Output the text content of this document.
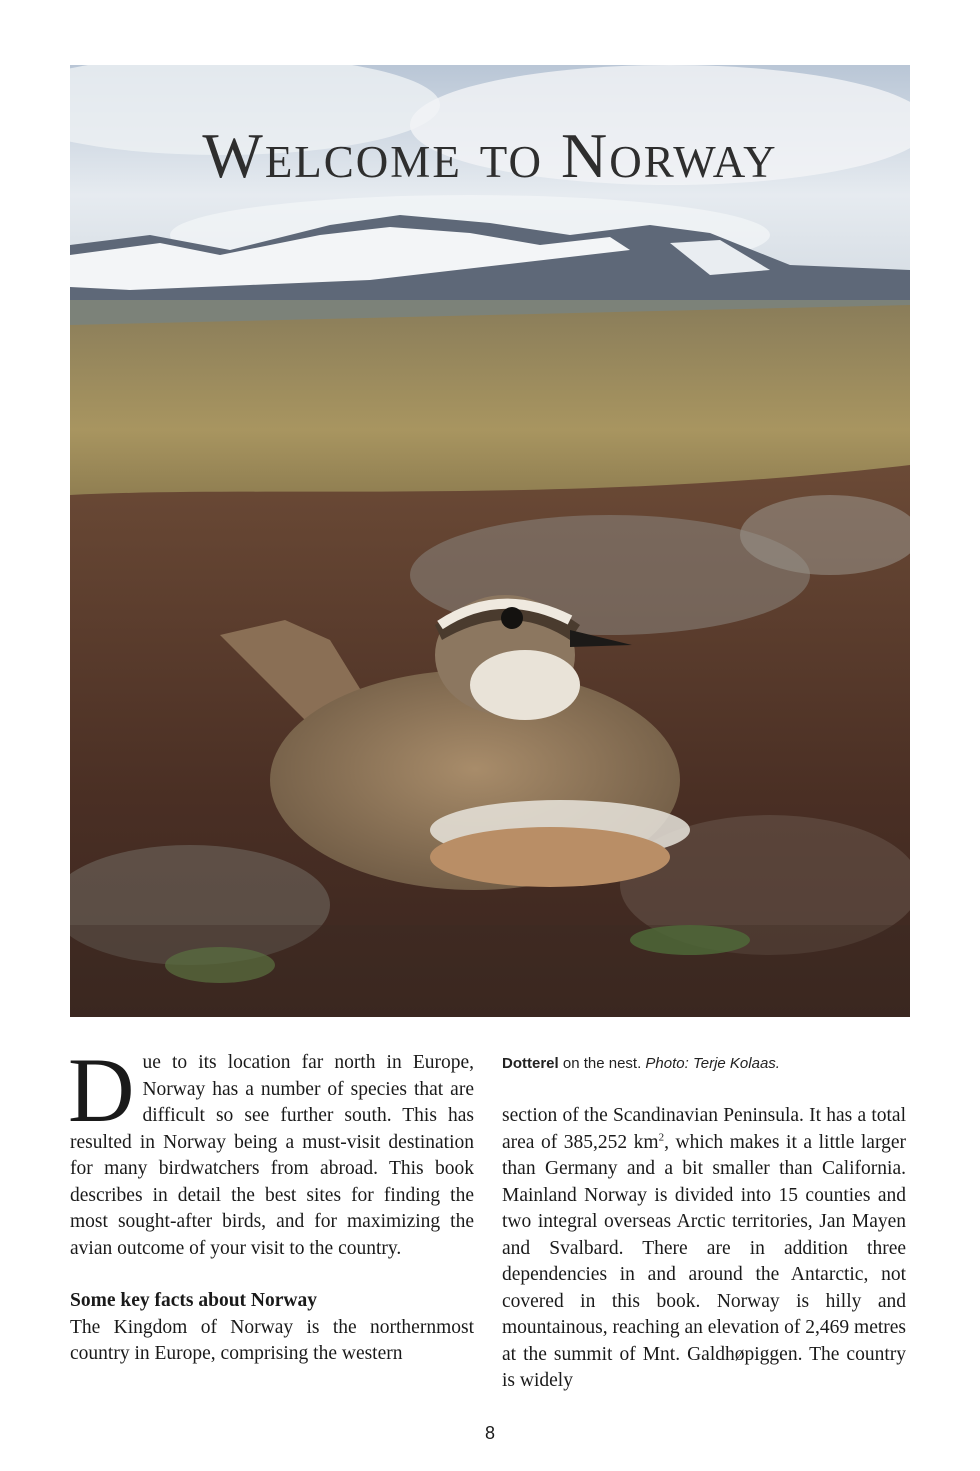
Welcome to Norway

Due to its location far north in Europe, Norway has a number of species that are difficult so see further south. This has resulted in Norway being a must-visit destination for many birdwatchers from abroad. This book describes in detail the best sites for finding the most sought-after birds, and for maximizing the avian outcome of your visit to the country.

Some key facts about Norway

The Kingdom of Norway is the northernmost country in Europe, comprising the western

Dotterel on the nest. Photo: Terje Kolaas.

section of the Scandinavian Peninsula. It has a total area of 385,252 $km^2$, which makes it a little larger than Germany and a bit smaller than California. Mainland Norway is divided into 15 counties and two integral overseas Arctic territories, Jan Mayen and Svalbard. There are in addition three dependencies in and around the Antarctic, not covered in this book. Norway is hilly and mountainous, reaching an elevation of 2,469 metres at the summit of Mnt. Galdhøpiggen. The country is widely

8
